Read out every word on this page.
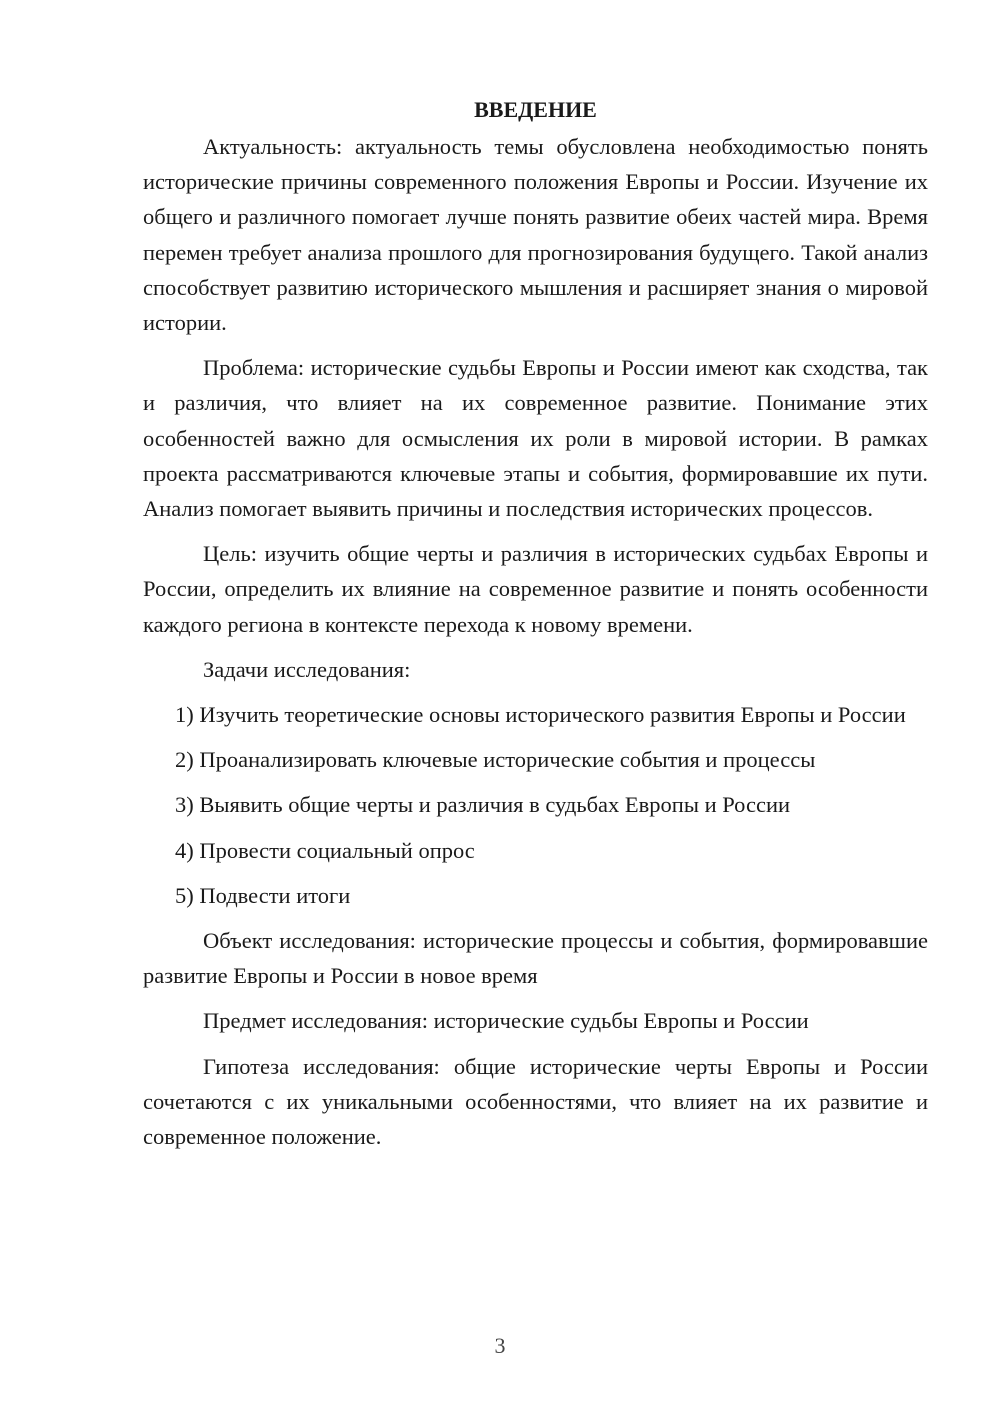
ВВЕДЕНИЕ

Актуальность: актуальность темы обусловлена необходимостью понять исторические причины современного положения Европы и России. Изучение их общего и различного помогает лучше понять развитие обеих частей мира. Время перемен требует анализа прошлого для прогнозирования будущего. Такой анализ способствует развитию исторического мышления и расширяет знания о мировой истории.

Проблема: исторические судьбы Европы и России имеют как сходства, так и различия, что влияет на их современное развитие. Понимание этих особенностей важно для осмысления их роли в мировой истории. В рамках проекта рассматриваются ключевые этапы и события, формировавшие их пути. Анализ помогает выявить причины и последствия исторических процессов.

Цель: изучить общие черты и различия в исторических судьбах Европы и России, определить их влияние на современное развитие и понять особенности каждого региона в контексте перехода к новому времени.

Задачи исследования:

1) Изучить теоретические основы исторического развития Европы и России

2) Проанализировать ключевые исторические события и процессы

3) Выявить общие черты и различия в судьбах Европы и России

4) Провести социальный опрос

5) Подвести итоги

Объект исследования: исторические процессы и события, формировавшие развитие Европы и России в новое время

Предмет исследования: исторические судьбы Европы и России

Гипотеза исследования: общие исторические черты Европы и России сочетаются с их уникальными особенностями, что влияет на их развитие и современное положение.

3
